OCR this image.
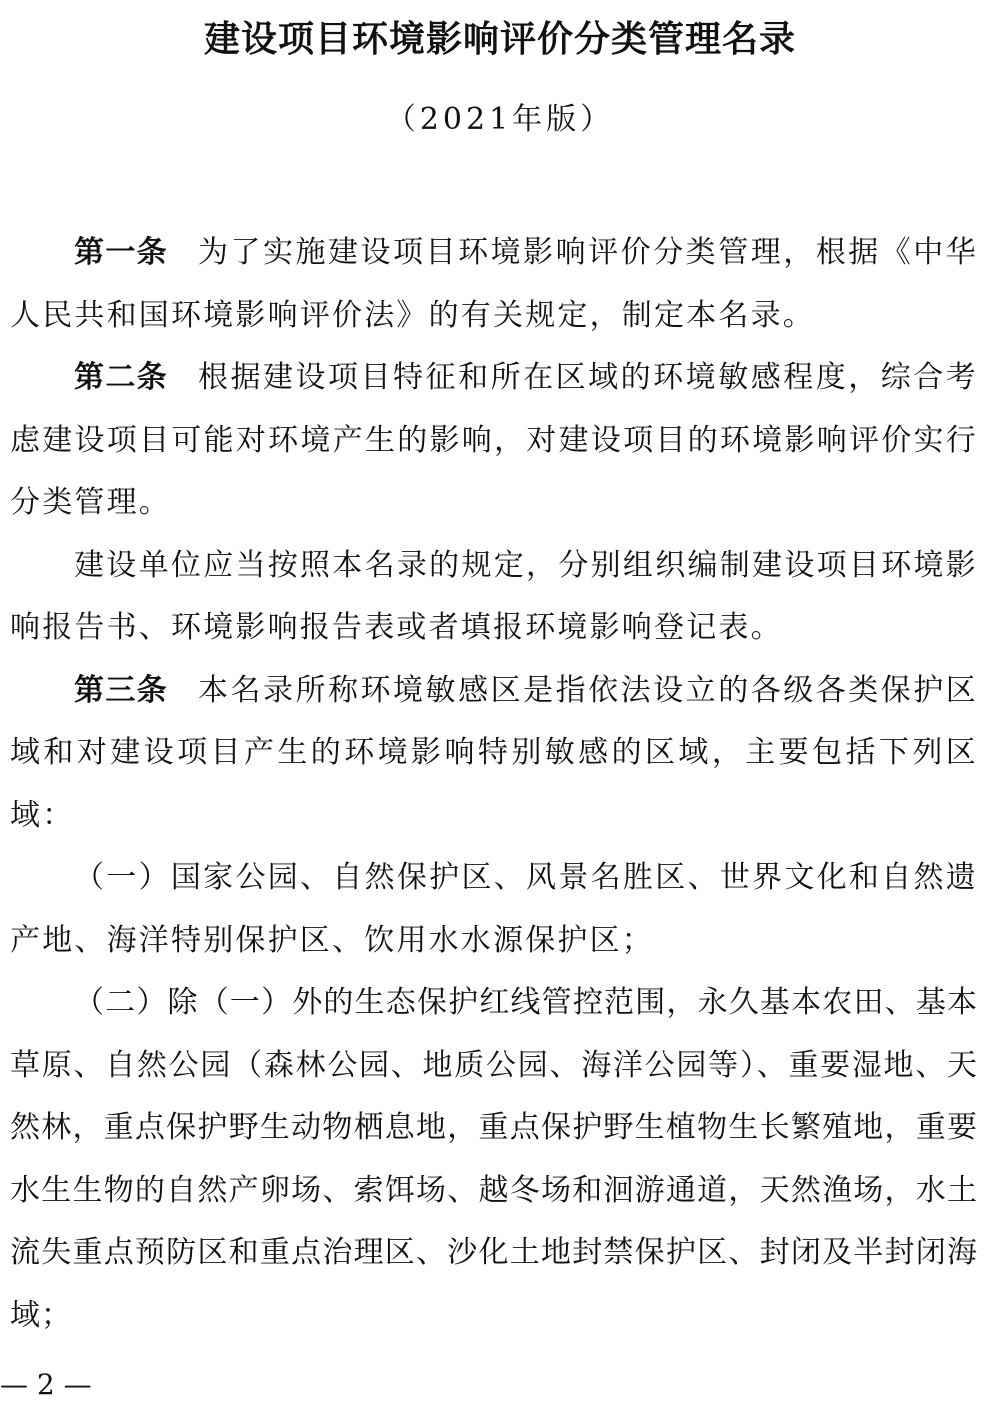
建设项目环境影响评价分类管理名录
（2021年版）

第一条 为了实施建设项目环境影响评价分类管理，根据《中华人民共和国环境影响评价法》的有关规定，制定本名录。

第二条 根据建设项目特征和所在区域的环境敏感程度，综合考虑建设项目可能对环境产生的影响，对建设项目的环境影响评价实行分类管理。

建设单位应当按照本名录的规定，分别组织编制建设项目环境影响报告书、环境影响报告表或者填报环境影响登记表。

第三条 本名录所称环境敏感区是指依法设立的各级各类保护区域和对建设项目产生的环境影响特别敏感的区域，主要包括下列区域：

（一）国家公园、自然保护区、风景名胜区、世界文化和自然遗产地、海洋特别保护区、饮用水水源保护区；

（二）除（一）外的生态保护红线管控范围，永久基本农田、基本草原、自然公园（森林公园、地质公园、海洋公园等）、重要湿地、天然林，重点保护野生动物栖息地，重点保护野生植物生长繁殖地，重要水生生物的自然产卵场、索饵场、越冬场和洄游通道，天然渔场，水土流失重点预防区和重点治理区、沙化土地封禁保护区、封闭及半封闭海域；

— 2 —
